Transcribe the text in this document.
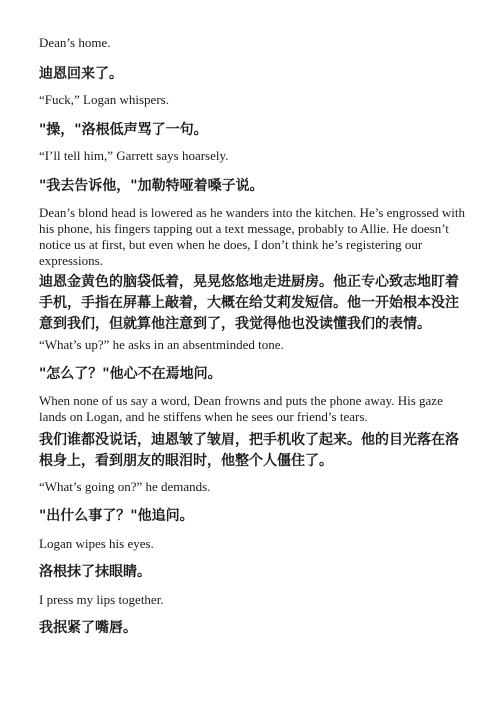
Dean’s home.

迪恩回来了。

“Fuck,” Logan whispers.

"操，"洛根低声骂了一句。

“I’ll tell him,” Garrett says hoarsely.

"我去告诉他，"加勒特哑着嗓子说。

Dean’s blond head is lowered as he wanders into the kitchen. He’s engrossed with his phone, his fingers tapping out a text message, probably to Allie. He doesn’t notice us at first, but even when he does, I don’t think he’s registering our expressions.

迪恩金黄色的脑袋低着，晃晃悠悠地走进厨房。他正专心致志地盯着手机，手指在屏幕上敲着，大概在给艾莉发短信。他一开始根本没注意到我们，但就算他注意到了，我觉得他也没读懂我们的表情。

“What’s up?” he asks in an absentminded tone.

"怎么了？"他心不在焉地问。

When none of us say a word, Dean frowns and puts the phone away. His gaze lands on Logan, and he stiffens when he sees our friend’s tears.

我们谁都没说话，迪恩皱了皱眉，把手机收了起来。他的目光落在洛根身上，看到朋友的眼泪时，他整个人僵住了。

“What’s going on?” he demands.

"出什么事了？"他追问。

Logan wipes his eyes.

洛根抹了抹眼睛。

I press my lips together.

我抿紧了嘴唇。
